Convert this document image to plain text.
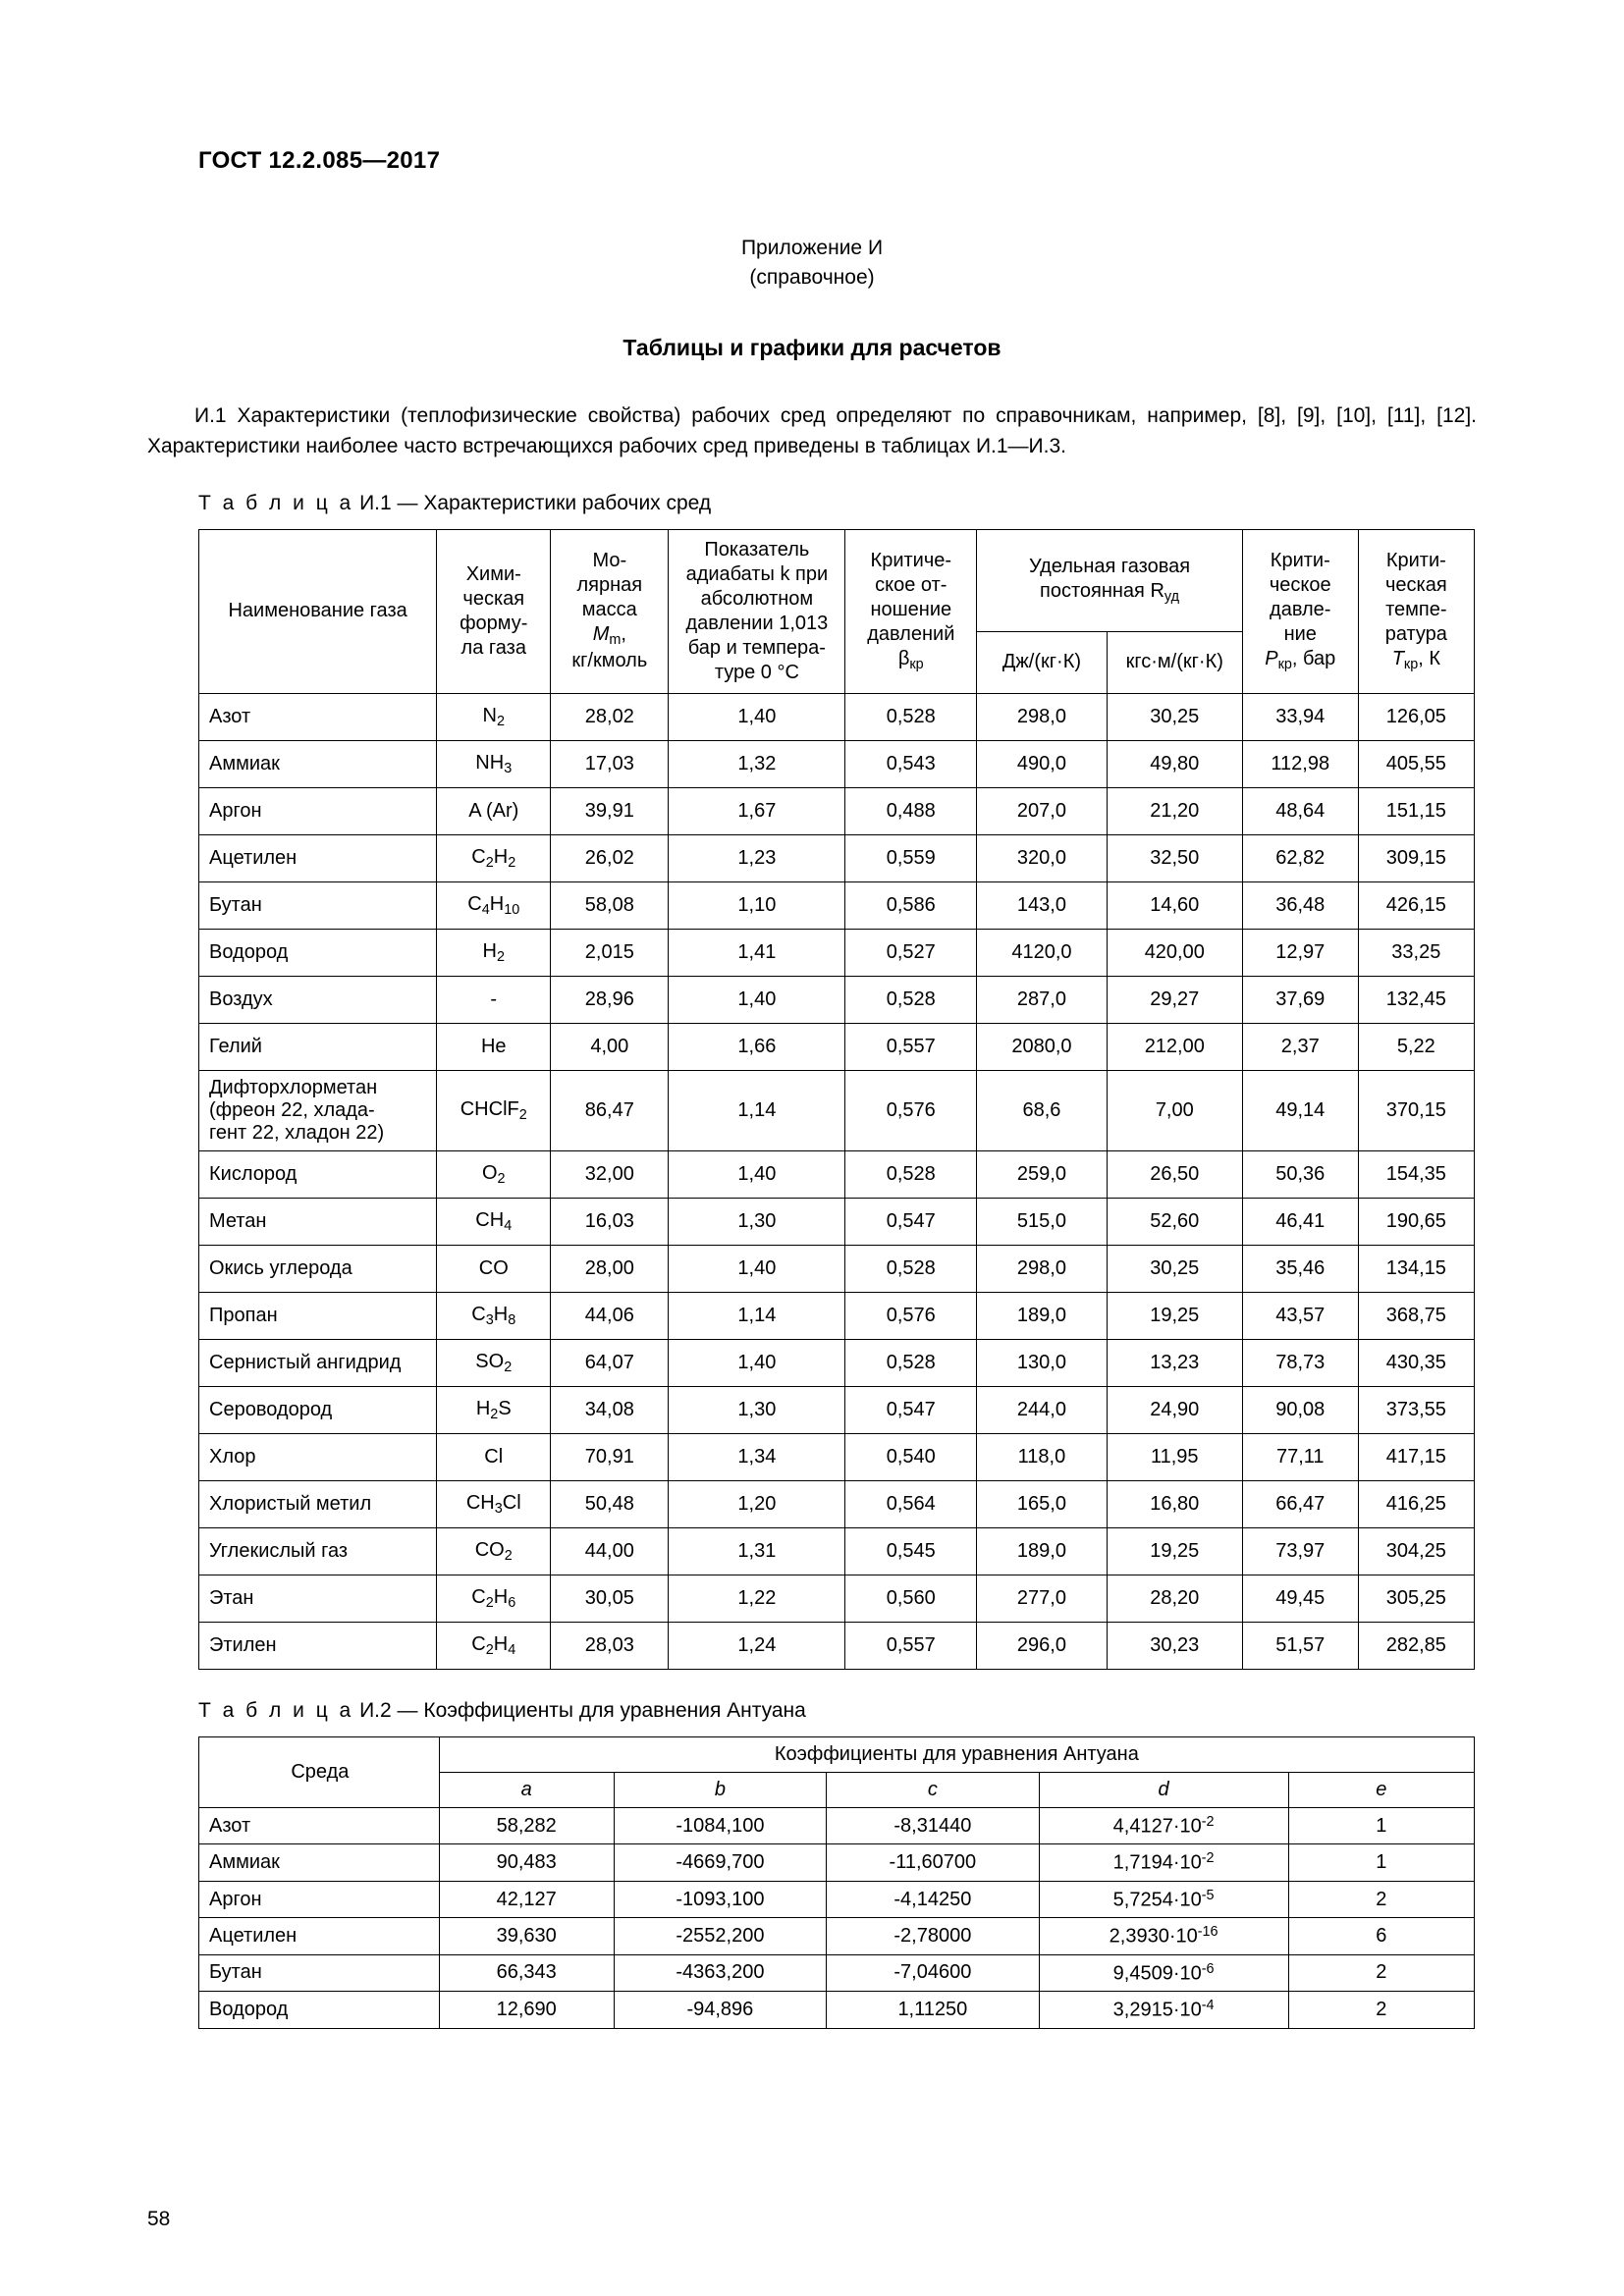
ГОСТ 12.2.085—2017
Приложение И
(справочное)
Таблицы и графики для расчетов

И.1 Характеристики (теплофизические свойства) рабочих сред определяют по справочникам, например, [8], [9], [10], [11], [12]. Характеристики наиболее часто встречающихся рабочих сред приведены в таблицах И.1—И.3.

Т а б л и ц а И.1 — Характеристики рабочих сред
Наименование газа	
Хими-
ческая
форму-
ла газа

Мо-
лярная
масса
$M_m$,
кг/кмоль

Показатель
адиабаты k при
абсолютном
давлении 1,013
бар и темпера-
туре 0 °C

Критиче-
ское от-
ношение
давлений
$\beta_{кр}$

Удельная газовая
постоянная $R_{уд}$

Крити-
ческое
давле-
ние
$P_{кр}$, бар

Крити-
ческая
темпе-
ратура
$T_{кр}$, К

					Дж/(кг·К)	кгс·м/(кг·К)		
Азот	$N_2$	28,02	1,40	0,528	298,0	30,25	33,94	126,05
Аммиак	$NH_3$	17,03	1,32	0,543	490,0	49,80	112,98	405,55
Аргон	A (Ar)	39,91	1,67	0,488	207,0	21,20	48,64	151,15
Ацетилен	$C_2H_2$	26,02	1,23	0,559	320,0	32,50	62,82	309,15
Бутан	$C_4H_{10}$	58,08	1,10	0,586	143,0	14,60	36,48	426,15
Водород	$H_2$	2,015	1,41	0,527	4120,0	420,00	12,97	33,25
Воздух	-	28,96	1,40	0,528	287,0	29,27	37,69	132,45
Гелий	He	4,00	1,66	0,557	2080,0	212,00	2,37	5,22

Дифторхлорметан
(фреон 22, хлада-
гент 22, хладон 22)	CHClF$_2$	86,47	1,14	0,576	68,6	7,00	49,14	370,15
Кислород	$O_2$	32,00	1,40	0,528	259,0	26,50	50,36	154,35
Метан	$CH_4$	16,03	1,30	0,547	515,0	52,60	46,41	190,65
Окись углерода	CO	28,00	1,40	0,528	298,0	30,25	35,46	134,15
Пропан	$C_3H_8$	44,06	1,14	0,576	189,0	19,25	43,57	368,75
Сернистый ангидрид	$SO_2$	64,07	1,40	0,528	130,0	13,23	78,73	430,35
Сероводород	$H_2S$	34,08	1,30	0,547	244,0	24,90	90,08	373,55
Хлор	Cl	70,91	1,34	0,540	118,0	11,95	77,11	417,15
Хлористый метил	$CH_3Cl$	50,48	1,20	0,564	165,0	16,80	66,47	416,25
Углекислый газ	$CO_2$	44,00	1,31	0,545	189,0	19,25	73,97	304,25
Этан	$C_2H_6$	30,05	1,22	0,560	277,0	28,20	49,45	305,25
Этилен	$C_2H_4$	28,03	1,24	0,557	296,0	30,23	51,57	282,85
Т а б л и ц а И.2 — Коэффициенты для уравнения Антуана
Среда	Коэффициенты для уравнения Антуана				
	a	b	c	d	e
Азот	58,282	-1084,100	-8,31440	$4,4127\cdot 10^{-2}$	1
Аммиак	90,483	-4669,700	-11,60700	$1,7194\cdot 10^{-2}$	1
Аргон	42,127	-1093,100	-4,14250	$5,7254\cdot 10^{-5}$	2
Ацетилен	39,630	-2552,200	-2,78000	$2,3930\cdot 10^{-16}$	6
Бутан	66,343	-4363,200	-7,04600	$9,4509\cdot 10^{-6}$	2
Водород	12,690	-94,896	1,11250	$3,2915\cdot 10^{-4}$	2
58
